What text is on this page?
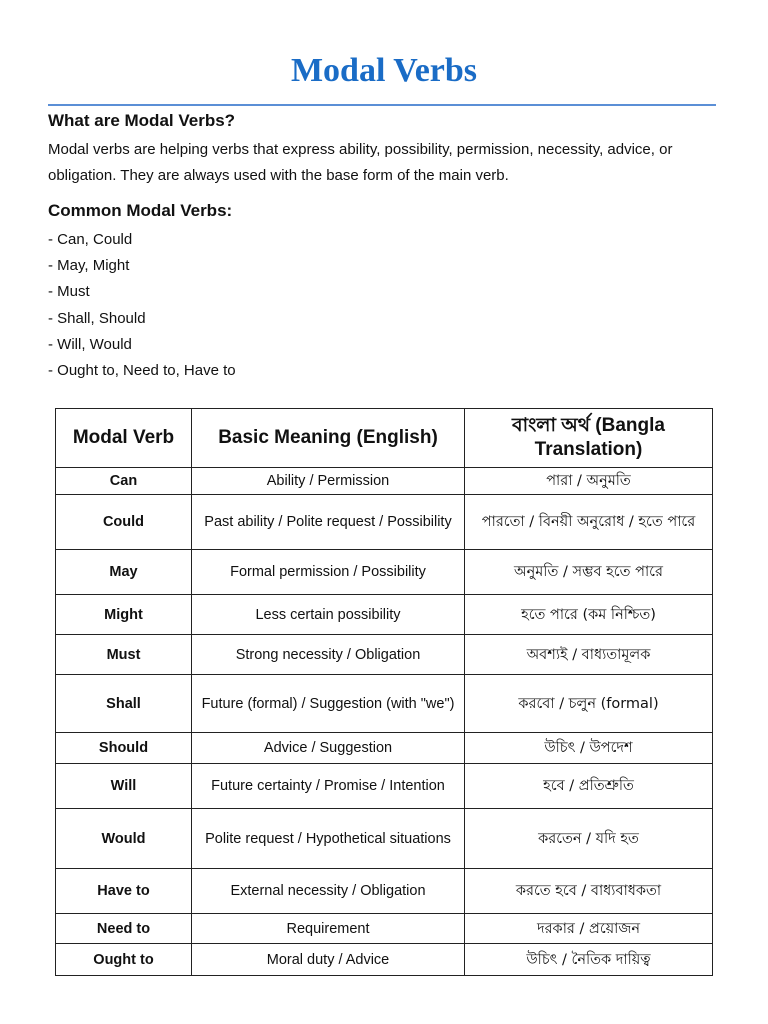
Modal Verbs
What are Modal Verbs?

Modal verbs are helping verbs that express ability, possibility, permission, necessity, advice, or obligation. They are always used with the base form of the main verb.

Common Modal Verbs:
- Can, Could
- May, Might
- Must
- Shall, Should
- Will, Would
- Ought to, Need to, Have to
Modal Verb	Basic Meaning (English)	বাংলা অর্থ (Bangla Translation)
Can	Ability / Permission	পারা / অনুমতি
Could	Past ability / Polite request / Possibility	পারতো / বিনয়ী অনুরোধ / হতে পারে
May	Formal permission / Possibility	অনুমতি / সম্ভব হতে পারে
Might	Less certain possibility	হতে পারে (কম নিশ্চিত)
Must	Strong necessity / Obligation	অবশ্যই / বাধ্যতামূলক
Shall	Future (formal) / Suggestion (with "we")	করবো / চলুন (formal)
Should	Advice / Suggestion	উচিৎ / উপদেশ
Will	Future certainty / Promise / Intention	হবে / প্রতিশ্রুতি
Would	Polite request / Hypothetical situations	করতেন / যদি হত
Have to	External necessity / Obligation	করতে হবে / বাধ্যবাধকতা
Need to	Requirement	দরকার / প্রয়োজন
Ought to	Moral duty / Advice	উচিৎ / নৈতিক দায়িত্ব
